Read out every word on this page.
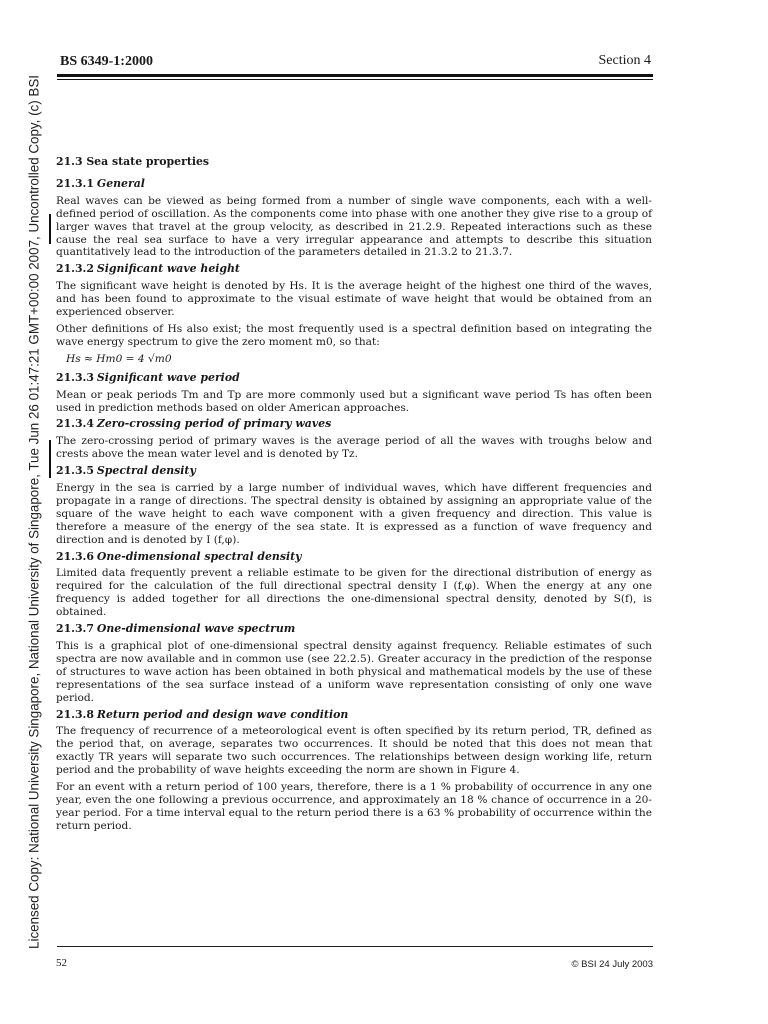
Licensed Copy: National University Singapore, National University of Singapore, Tue Jun 26 01:47:21 GMT+00:00 2007, Uncontrolled Copy, (c) BSI
BS 6349-1:2000	Section 4
21.3 Sea state properties
21.3.1 General

Real waves can be viewed as being formed from a number of single wave components, each with a well-defined period of oscillation. As the components come into phase with one another they give rise to a group of larger waves that travel at the group velocity, as described in 21.2.9. Repeated interactions such as these cause the real sea surface to have a very irregular appearance and attempts to describe this situation quantitatively lead to the introduction of the parameters detailed in 21.3.2 to 21.3.7.

21.3.2 Significant wave height

The significant wave height is denoted by Hs. It is the average height of the highest one third of the waves, and has been found to approximate to the visual estimate of wave height that would be obtained from an experienced observer.

Other definitions of Hs also exist; the most frequently used is a spectral definition based on integrating the wave energy spectrum to give the zero moment m0, so that:

Hs ≈ Hm0 = 4 √m0
21.3.3 Significant wave period

Mean or peak periods Tm and Tp are more commonly used but a significant wave period Ts has often been used in prediction methods based on older American approaches.

21.3.4 Zero-crossing period of primary waves

The zero-crossing period of primary waves is the average period of all the waves with troughs below and crests above the mean water level and is denoted by Tz.

21.3.5 Spectral density

Energy in the sea is carried by a large number of individual waves, which have different frequencies and propagate in a range of directions. The spectral density is obtained by assigning an appropriate value of the square of the wave height to each wave component with a given frequency and direction. This value is therefore a measure of the energy of the sea state. It is expressed as a function of wave frequency and direction and is denoted by I (f,φ).

21.3.6 One-dimensional spectral density

Limited data frequently prevent a reliable estimate to be given for the directional distribution of energy as required for the calculation of the full directional spectral density I (f,φ). When the energy at any one frequency is added together for all directions the one-dimensional spectral density, denoted by S(f), is obtained.

21.3.7 One-dimensional wave spectrum

This is a graphical plot of one-dimensional spectral density against frequency. Reliable estimates of such spectra are now available and in common use (see 22.2.5). Greater accuracy in the prediction of the response of structures to wave action has been obtained in both physical and mathematical models by the use of these representations of the sea surface instead of a uniform wave representation consisting of only one wave period.

21.3.8 Return period and design wave condition

The frequency of recurrence of a meteorological event is often specified by its return period, TR, defined as the period that, on average, separates two occurrences. It should be noted that this does not mean that exactly TR years will separate two such occurrences. The relationships between design working life, return period and the probability of wave heights exceeding the norm are shown in Figure 4.

For an event with a return period of 100 years, therefore, there is a 1 % probability of occurrence in any one year, even the one following a previous occurrence, and approximately an 18 % chance of occurrence in a 20-year period. For a time interval equal to the return period there is a 63 % probability of occurrence within the return period.

52	© BSI 24 July 2003
